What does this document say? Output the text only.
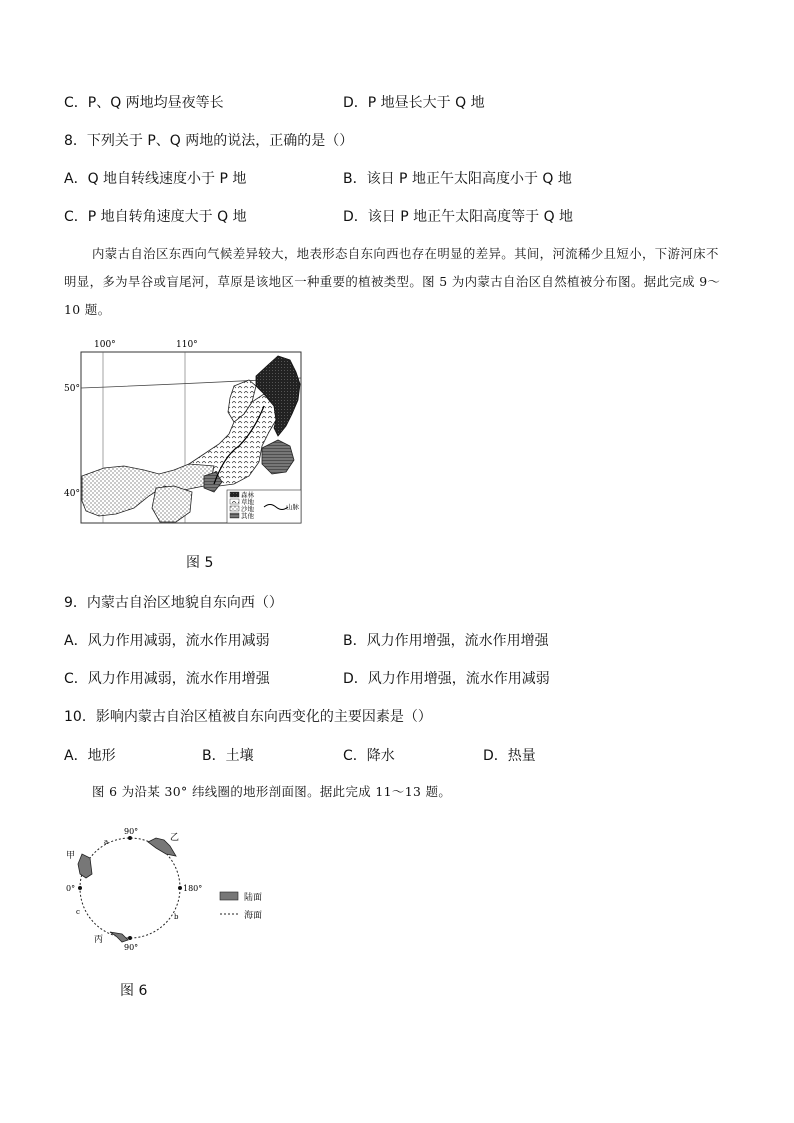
C．P、Q 两地均昼夜等长	D．P 地昼长大于 Q 地
8．下列关于 P、Q 两地的说法，正确的是（）
A．Q 地自转线速度小于 P 地	B．该日 P 地正午太阳高度小于 Q 地
C．P 地自转角速度大于 Q 地	D．该日 P 地正午太阳高度等于 Q 地
内蒙古自治区东西向气候差异较大，地表形态自东向西也存在明显的差异。其间，河流稀少且短小，下游河床不明显，多为旱谷或盲尾河，草原是该地区一种重要的植被类型。图 5 为内蒙古自治区自然植被分布图。据此完成 9～10 题。
100°	110°
50°
40°	森林
草地
沙地
其他
山脉
图 5
9．内蒙古自治区地貌自东向西（）
A．风力作用减弱，流水作用减弱	B．风力作用增强，流水作用增强
C．风力作用减弱，流水作用增强	D．风力作用增强，流水作用减弱
10．影响内蒙古自治区植被自东向西变化的主要因素是（）
A．地形	B．土壤	C．降水	D．热量
图 6 为沿某 30° 纬线圈的地形剖面图。据此完成 11～13 题。
90°
90°
0°	180°
a
b
c
甲
乙
丙
陆面
海面
图 6
